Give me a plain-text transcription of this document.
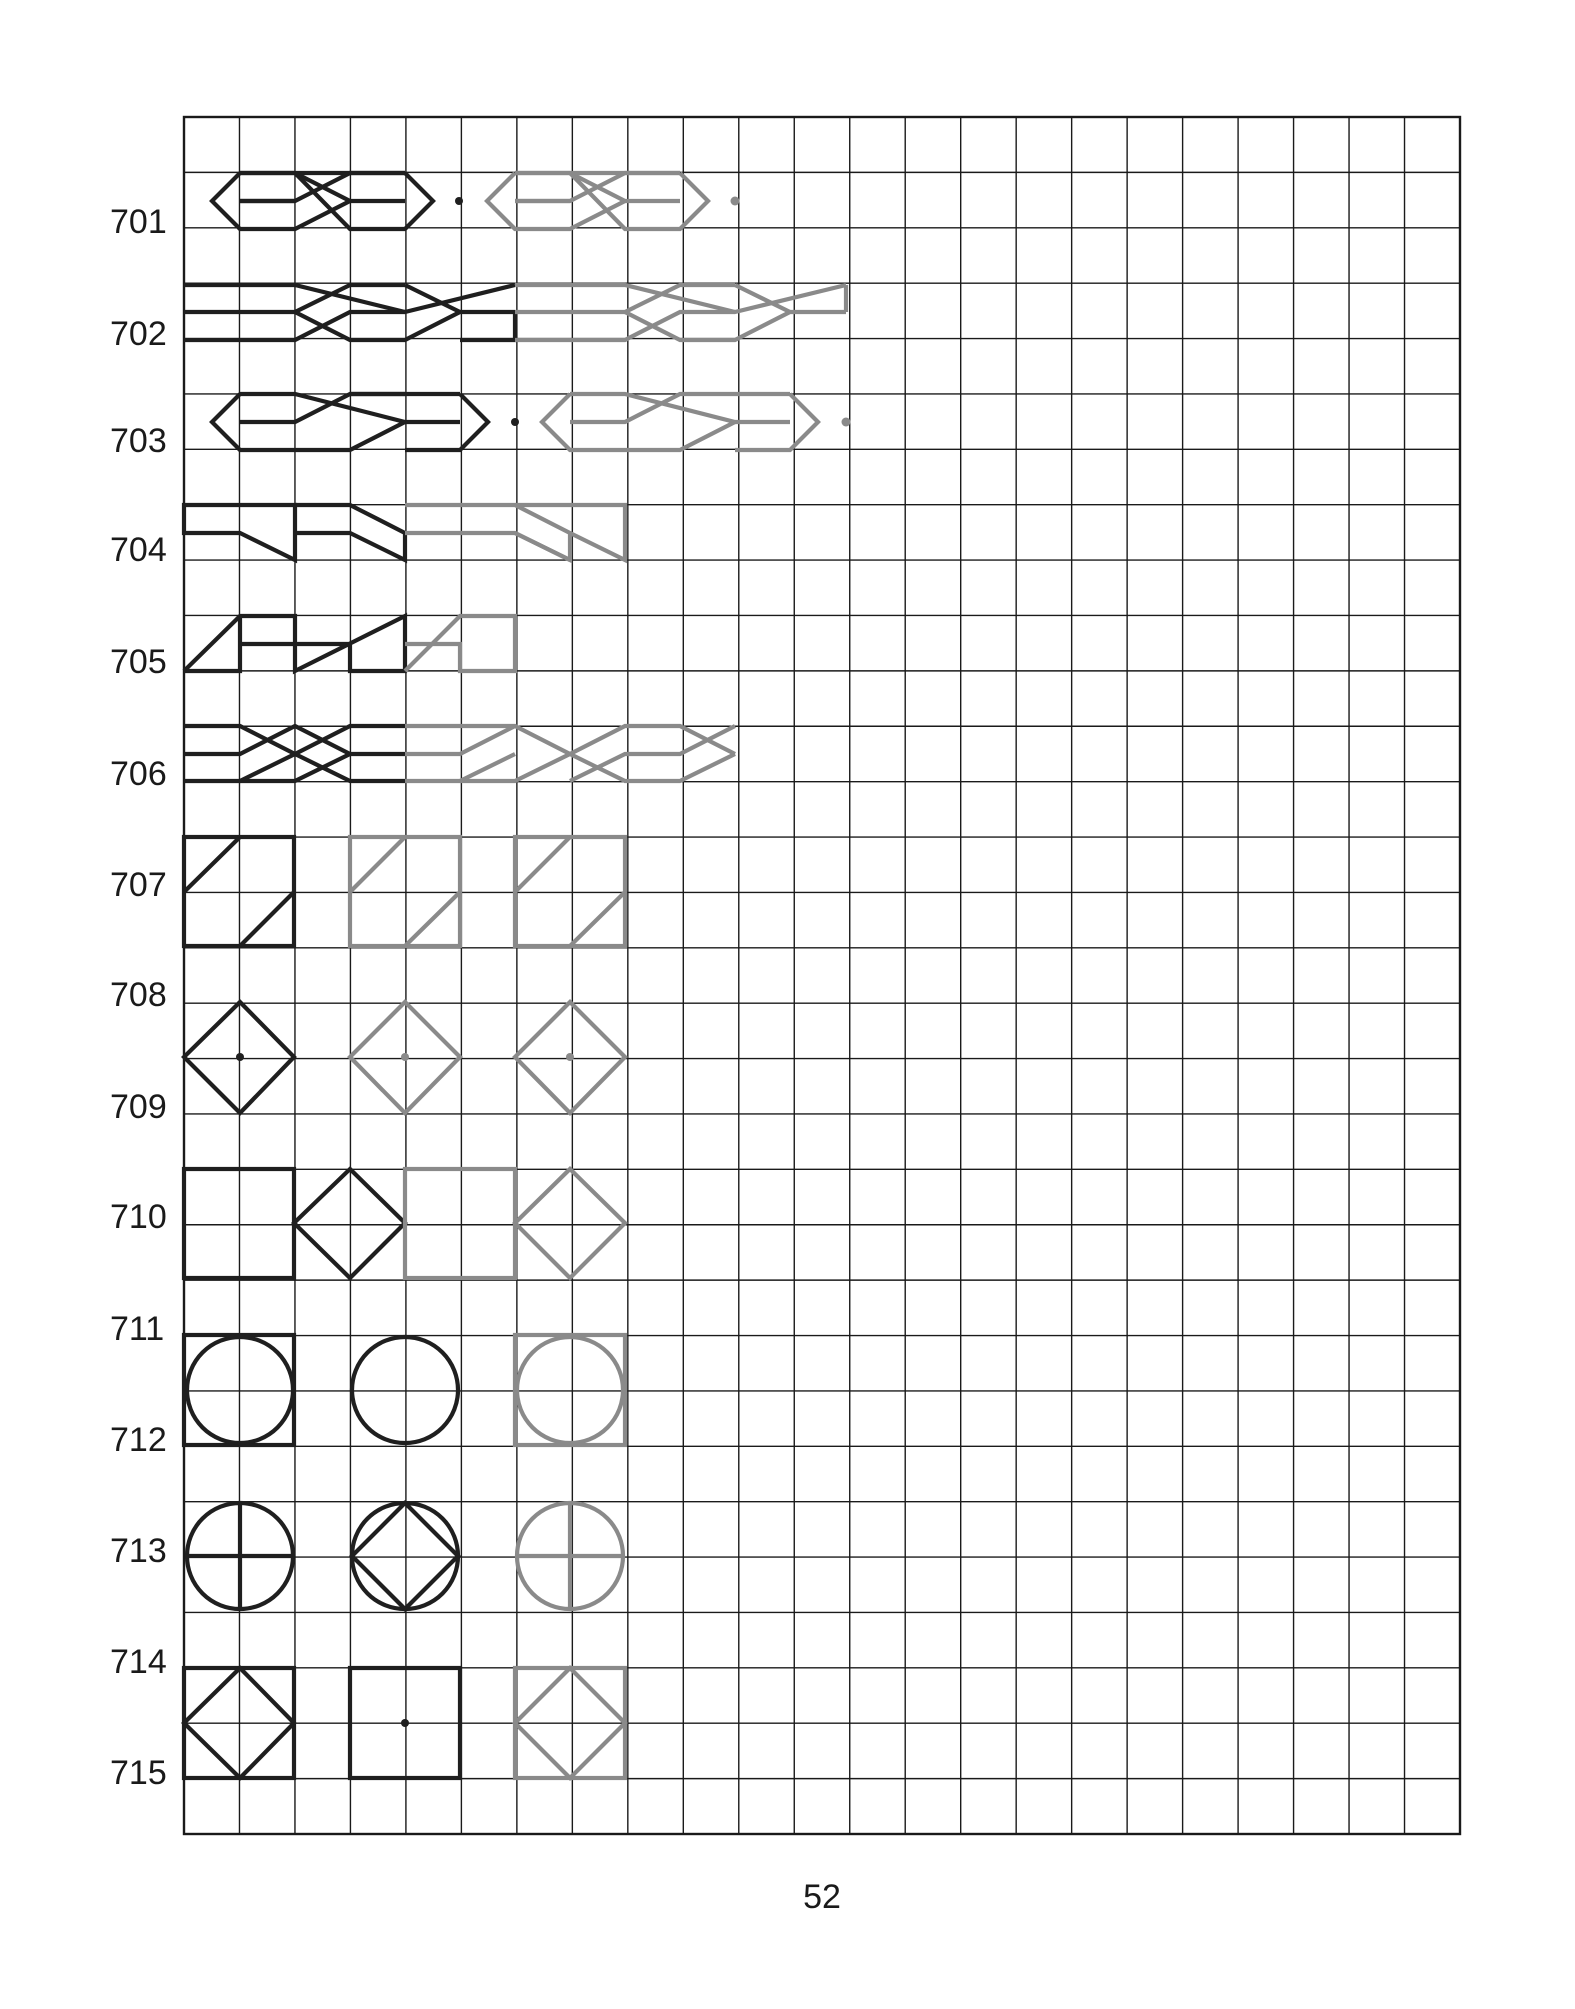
701
702
703
704
705
706
707
708
709
710
711
712
713
714
715
52
